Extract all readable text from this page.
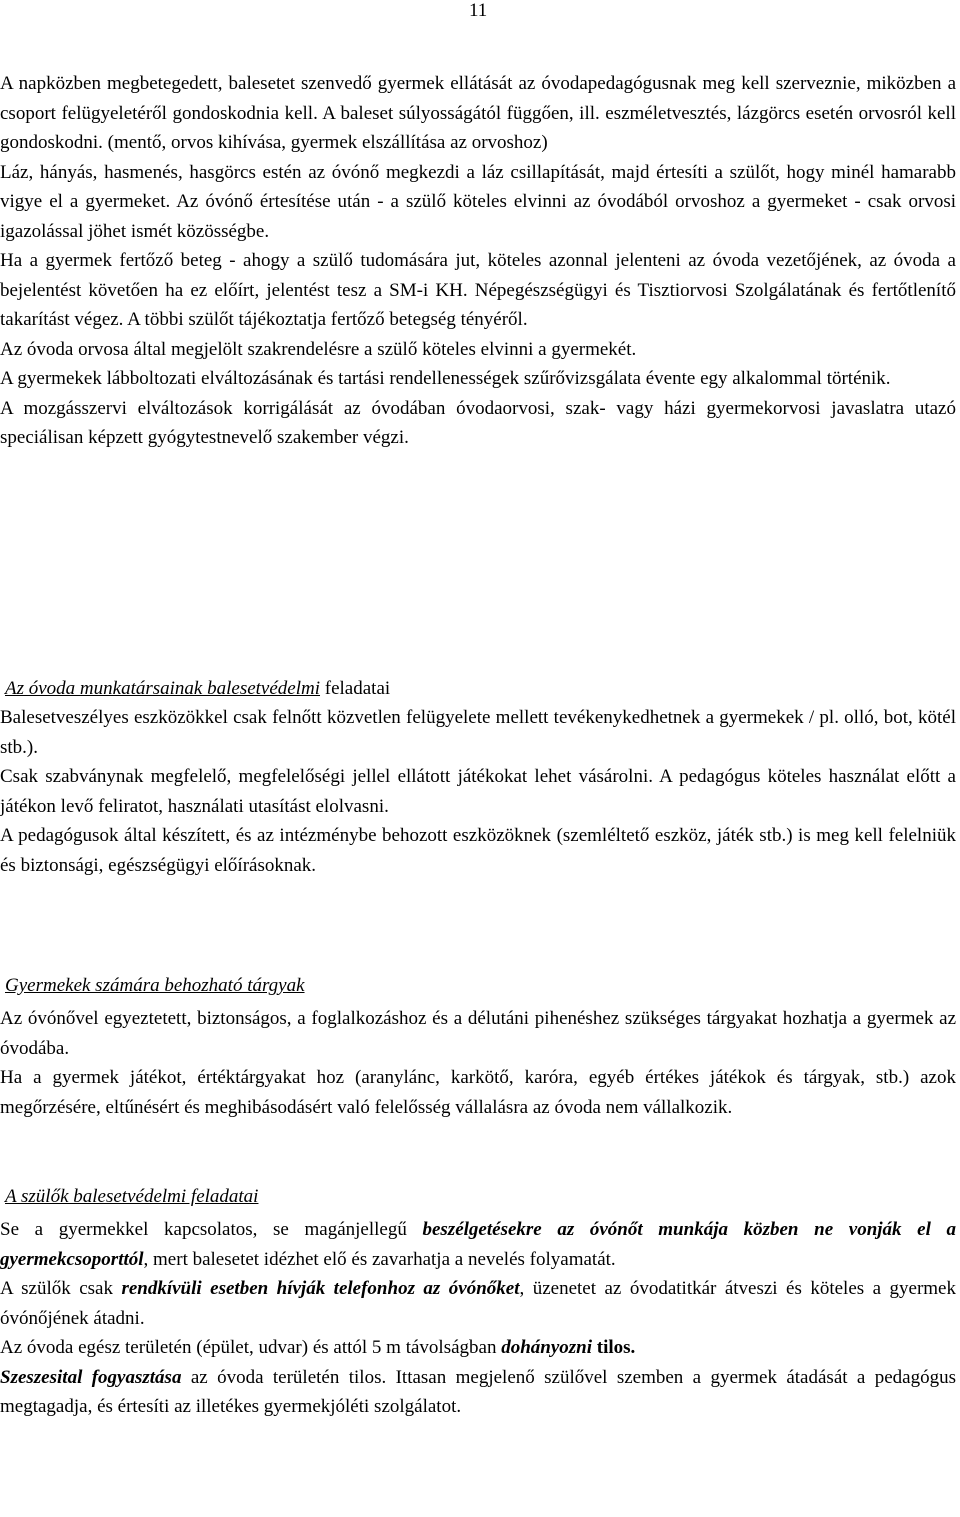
11

A napközben megbetegedett, balesetet szenvedő gyermek ellátását az óvodapedagógusnak meg kell szerveznie, miközben a csoport felügyeletéről gondoskodnia kell. A baleset súlyosságától függően, ill. eszméletvesztés, lázgörcs esetén orvosról kell gondoskodni. (mentő, orvos kihívása, gyermek elszállítása az orvoshoz)

Láz, hányás, hasmenés, hasgörcs estén az óvónő megkezdi a láz csillapítását, majd értesíti a szülőt, hogy minél hamarabb vigye el a gyermeket. Az óvónő értesítése után - a szülő köteles elvinni az óvodából orvoshoz a gyermeket - csak orvosi igazolással jöhet ismét közösségbe.

Ha a gyermek fertőző beteg - ahogy a szülő tudomására jut, köteles azonnal jelenteni az óvoda vezetőjének, az óvoda a bejelentést követően ha ez előírt, jelentést tesz a SM-i KH. Népegészségügyi és Tisztiorvosi Szolgálatának és fertőtlenítő takarítást végez. A többi szülőt tájékoztatja fertőző betegség tényéről.
Az óvoda orvosa által megjelölt szakrendelésre a szülő köteles elvinni a gyermekét.
A gyermekek lábboltozati elváltozásának és tartási rendellenességek szűrővizsgálata évente egy alkalommal történik.
A mozgásszervi elváltozások korrigálását az óvodában óvodaorvosi, szak- vagy házi gyermekorvosi javaslatra utazó speciálisan képzett gyógytestnevelő szakember végzi.
Az óvoda munkatársainak balesetvédelmi feladatai
Balesetveszélyes eszközökkel csak felnőtt közvetlen felügyelete mellett tevékenykedhetnek a gyermekek / pl. olló, bot, kötél stb.).
Csak szabványnak megfelelő, megfelelőségi jellel ellátott játékokat lehet vásárolni. A pedagógus köteles használat előtt a játékon levő feliratot, használati utasítást elolvasni.
A pedagógusok által készített, és az intézménybe behozott eszközöknek (szemléltető eszköz, játék stb.) is meg kell felelniük és biztonsági, egészségügyi előírásoknak.
Gyermekek számára behozható tárgyak
Az óvónővel egyeztetett, biztonságos, a foglalkozáshoz és a délutáni pihenéshez szükséges tárgyakat hozhatja a gyermek az óvodába.
Ha a gyermek játékot, értéktárgyakat hoz (aranylánc, karkötő, karóra, egyéb értékes játékok és tárgyak, stb.) azok megőrzésére, eltűnésért és meghibásodásért való felelősség vállalásra az óvoda nem vállalkozik.
A szülők balesetvédelmi feladatai
Se a gyermekkel kapcsolatos, se magánjellegű beszélgetésekre az óvónőt munkája közben ne vonják el a gyermekcsoporttól, mert balesetet idézhet elő és zavarhatja a nevelés folyamatát.
A szülők csak rendkívüli esetben hívják telefonhoz az óvónőket, üzenetet az óvodatitkár átveszi és köteles a gyermek óvónőjének átadni.
Az óvoda egész területén (épület, udvar) és attól 5 m távolságban dohányozni tilos.
Szeszesital fogyasztása az óvoda területén tilos. Ittasan megjelenő szülővel szemben a gyermek átadását a pedagógus megtagadja, és értesíti az illetékes gyermekjóléti szolgálatot.
